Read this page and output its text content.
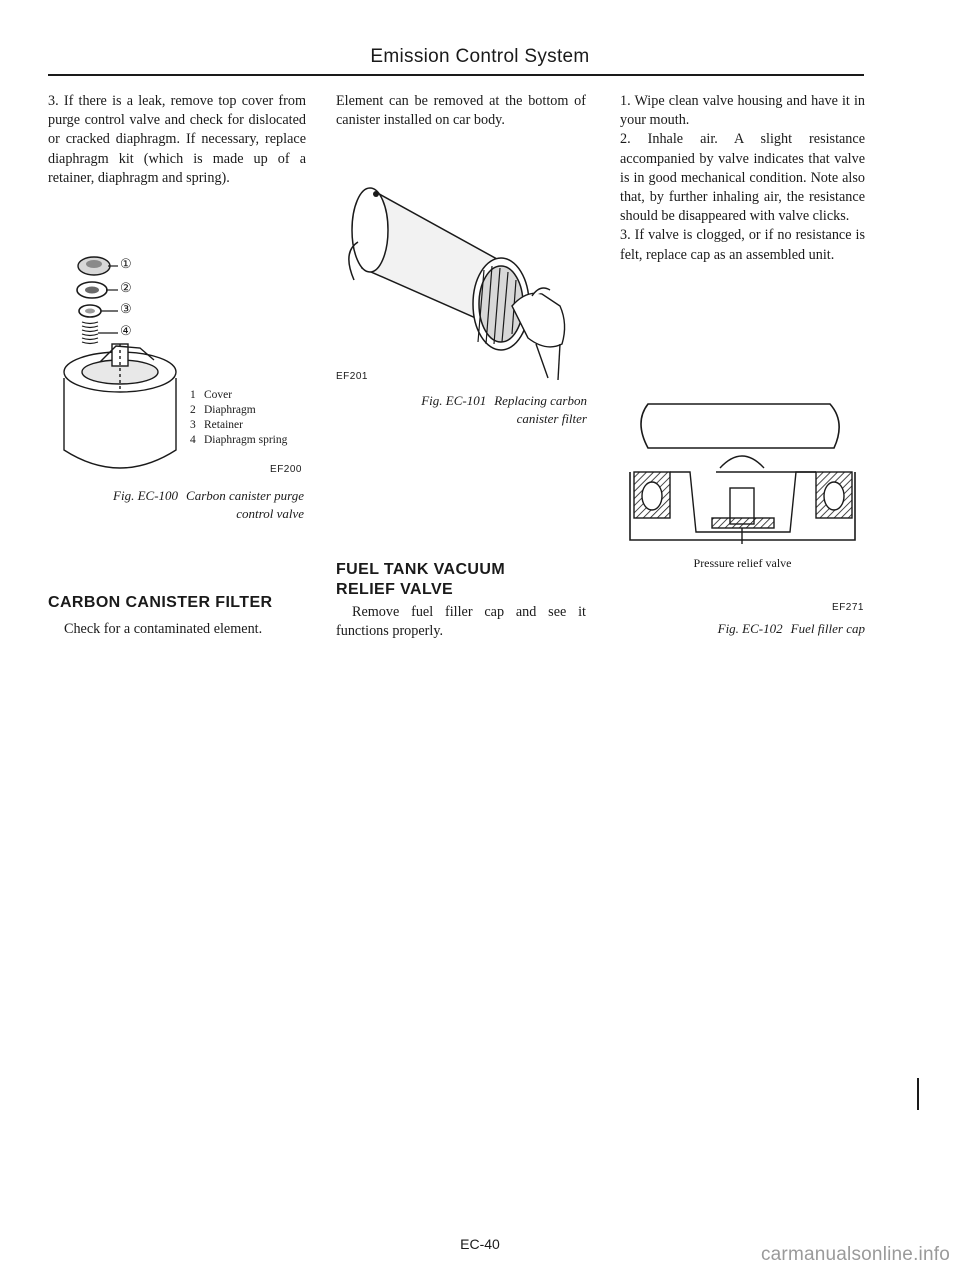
Emission Control System

3. If there is a leak, remove top cover from purge control valve and check for dislocated or cracked diaphragm. If necessary, replace diaphragm kit (which is made up of a retainer, diaphragm and spring).

①
②
③
④
1 Cover
2 Diaphragm
3 Retainer
4 Diaphragm spring
EF200
Fig. EC-100 Carbon canister purge
control valve
CARBON CANISTER FILTER
Check for a contaminated element.

Element can be removed at the bottom of canister installed on car body.

EF201
Fig. EC-101 Replacing carbon
canister filter
FUEL TANK VACUUM
RELIEF VALVE

Remove fuel filler cap and see it functions properly.

1. Wipe clean valve housing and have it in your mouth.

2. Inhale air. A slight resistance accompanied by valve indicates that valve is in good mechanical condition. Note also that, by further inhaling air, the resistance should be disappeared with valve clicks.

3. If valve is clogged, or if no resistance is felt, replace cap as an assembled unit.

Pressure relief valve
EF271
Fig. EC-102 Fuel filler cap
EC-40	carmanualsonline.info
